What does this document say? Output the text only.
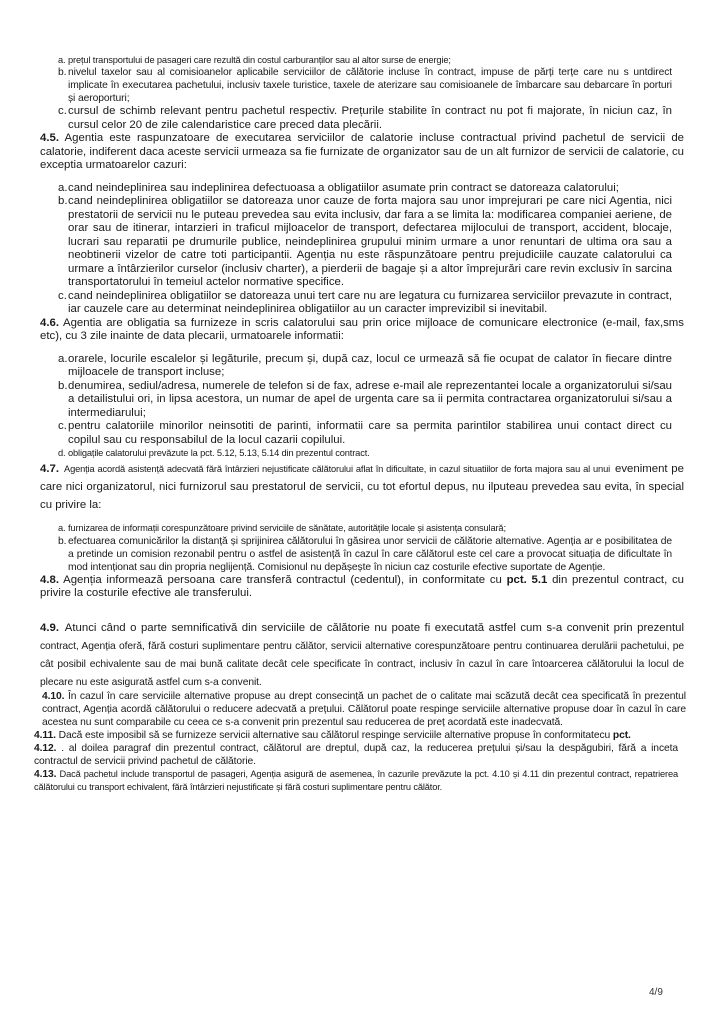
a. prețul transportului de pasageri care rezultă din costul carburanților sau al altor surse de energie;
b. nivelul taxelor sau al comisioanelor aplicabile serviciilor de călătorie incluse în contract, impuse de părți terțe care nu s untdirect implicate în executarea pachetului, inclusiv taxele turistice, taxele de aterizare sau comisioanele de îmbarcare sau debarcare în porturi și aeroporturi;
c. cursul de schimb relevant pentru pachetul respectiv. Prețurile stabilite în contract nu pot fi majorate, în niciun caz, în cursul celor 20 de zile calendaristice care preced data plecării.
4.5. Agentia este raspunzatoare de executarea serviciilor de calatorie incluse contractual privind pachetul de servicii de calatorie, indiferent daca aceste servicii urmeaza sa fie furnizate de organizator sau de un alt furnizor de servicii de calatorie, cu exceptia urmatoarelor cazuri:
a. cand neindeplinirea sau indeplinirea defectuoasa a obligatiilor asumate prin contract se datoreaza calatorului;
b. cand neindeplinirea obligatiilor se datoreaza unor cauze de forta majora sau unor imprejurari pe care nici Agentia, nici prestatorii de servicii nu le puteau prevedea sau evita inclusiv, dar fara a se limita la: modificarea companiei aeriene, de orar sau de itinerar, intarzieri in traficul mijloacelor de transport, defectarea mijlocului de transport, accident, blocaje, lucrari sau reparatii pe drumurile publice, neindeplinirea grupului minim urmare a unor renuntari de ultima ora sau a neobtinerii vizelor de catre toti participantii. Agenția nu este răspunzătoare pentru prejudiciile cauzate calatorului ca urmare a întârzierilor curselor (inclusiv charter), a pierderii de bagaje și a altor împrejurări care revin exclusiv în sarcina transportatorului în temeiul actelor normative specifice.
c. cand neindeplinirea obligatiilor se datoreaza unui tert care nu are legatura cu furnizarea serviciilor prevazute in contract, iar cauzele care au determinat neindeplinirea obligatiilor au un caracter imprevizibil si inevitabil.
4.6. Agentia are obligatia sa furnizeze in scris calatorului sau prin orice mijloace de comunicare electronice (e-mail, fax,sms etc), cu 3 zile inainte de data plecarii, urmatoarele informatii:
a. orarele, locurile escalelor și legăturile, precum și, după caz, locul ce urmează să fie ocupat de calator în fiecare dintre mijloacele de transport incluse;
b. denumirea, sediul/adresa, numerele de telefon si de fax, adrese e-mail ale reprezentantei locale a organizatorului si/sau a detailistului ori, in lipsa acestora, un numar de apel de urgenta care sa ii permita contractarea organizatorului si/sau a intermediarului;
c. pentru calatoriile minorilor neinsotiti de parinti, informatii care sa permita parintilor stabilirea unui contact direct cu copilul sau cu responsabilul de la locul cazarii copilului.
d. obligațile calatorului prevăzute la pct. 5.12, 5.13, 5.14 din prezentul contract.
4.7. Agenția acordă asistență adecvată fără întârzieri nejustificate călătorului aflat în dificultate, in cazul situatiilor de forta majora sau al unui eveniment pe care nici organizatorul, nici furnizorul sau prestatorul de servicii, cu tot efortul depus, nu ilputeau prevedea sau evita, în special cu privire la:
a. furnizarea de informații corespunzătoare privind serviciile de sănătate, autoritățile locale și asistența consulară;
b. efectuarea comunicărilor la distanță și sprijinirea călătorului în găsirea unor servicii de călătorie alternative. Agenția ar e posibilitatea de a pretinde un comision rezonabil pentru o astfel de asistență în cazul în care călătorul este cel care a provocat situația de dificultate în mod intenționat sau din propria neglijență. Comisionul nu depășește în niciun caz costurile efective suportate de Agenție.
4.8. Agenția informează persoana care transferă contractul (cedentul), in conformitate cu pct. 5.1 din prezentul contract, cu privire la costurile efective ale transferului.
4.9. Atunci când o parte semnificativă din serviciile de călătorie nu poate fi executată astfel cum s-a convenit prin prezentul contract, Agenția oferă, fără costuri suplimentare pentru călător, servicii alternative corespunzătoare pentru continuarea derulării pachetului, pe cât posibil echivalente sau de mai bună calitate decât cele specificate în contract, inclusiv în cazul în care întoarcerea călătorului la locul de plecare nu este asigurată astfel cum s-a convenit.
4.10. În cazul în care serviciile alternative propuse au drept consecință un pachet de o calitate mai scăzută decât cea specificată în prezentul contract, Agenția acordă călătorului o reducere adecvată a prețului. Călătorul poate respinge serviciile alternative propuse doar în cazul în care acestea nu sunt comparabile cu ceea ce s-a convenit prin prezentul sau reducerea de preț acordată este inadecvată.
4.11. Dacă este imposibil să se furnizeze servicii alternative sau călătorul respinge serviciile alternative propuse în conformitatecu pct.
4.12. . al doilea paragraf din prezentul contract, călătorul are dreptul, după caz, la reducerea prețului și/sau la despăgubiri, fără a inceta contractul de servicii privind pachetul de călătorie.
4.13. Dacă pachetul include transportul de pasageri, Agenția asigură de asemenea, în cazurile prevăzute la pct. 4.10 și 4.11 din prezentul contract, repatrierea călătorului cu transport echivalent, fără întârzieri nejustificate și fără costuri suplimentare pentru călător.
4/9
